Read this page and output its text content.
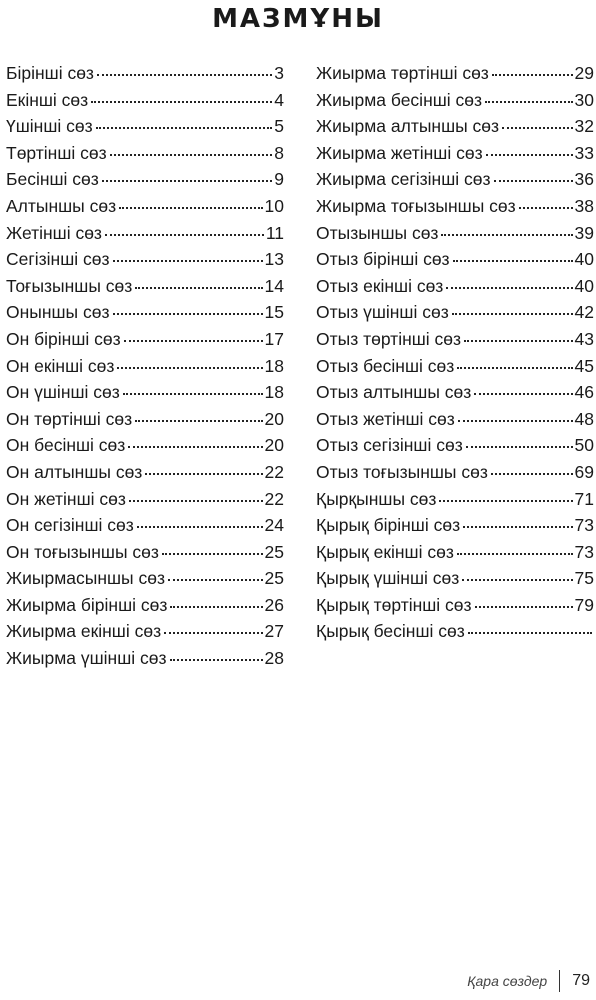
МАЗМҰНЫ
Бірінші сөз	3
Екінші сөз	4
Үшінші сөз	5
Төртінші сөз	8
Бесінші сөз	9
Алтыншы сөз	10
Жетінші сөз	11
Сегізінші сөз	13
Тоғызыншы сөз	14
Оныншы сөз	15
Он бірінші сөз	17
Он екінші сөз	18
Он үшінші сөз	18
Он төртінші сөз	20
Он бесінші сөз	20
Он алтыншы сөз	22
Он жетінші сөз	22
Он сегізінші сөз	24
Он тоғызыншы сөз	25
Жиырмасыншы сөз	25
Жиырма бірінші сөз	26
Жиырма екінші сөз	27
Жиырма үшінші сөз	28
Жиырма төртінші сөз	29
Жиырма бесінші сөз	30
Жиырма алтыншы сөз	32
Жиырма жетінші сөз	33
Жиырма сегізінші сөз	36
Жиырма тоғызыншы сөз	38
Отызыншы сөз	39
Отыз бірінші сөз	40
Отыз екінші сөз	40
Отыз үшінші сөз	42
Отыз төртінші сөз	43
Отыз бесінші сөз	45
Отыз алтыншы сөз	46
Отыз жетінші сөз	48
Отыз сегізінші сөз	50
Отыз тоғызыншы сөз	69
Қырқыншы сөз	71
Қырық бірінші сөз	73
Қырық екінші сөз	73
Қырық үшінші сөз	75
Қырық төртінші сөз	79
Қырық бесінші сөз
Қара сөздер 79
